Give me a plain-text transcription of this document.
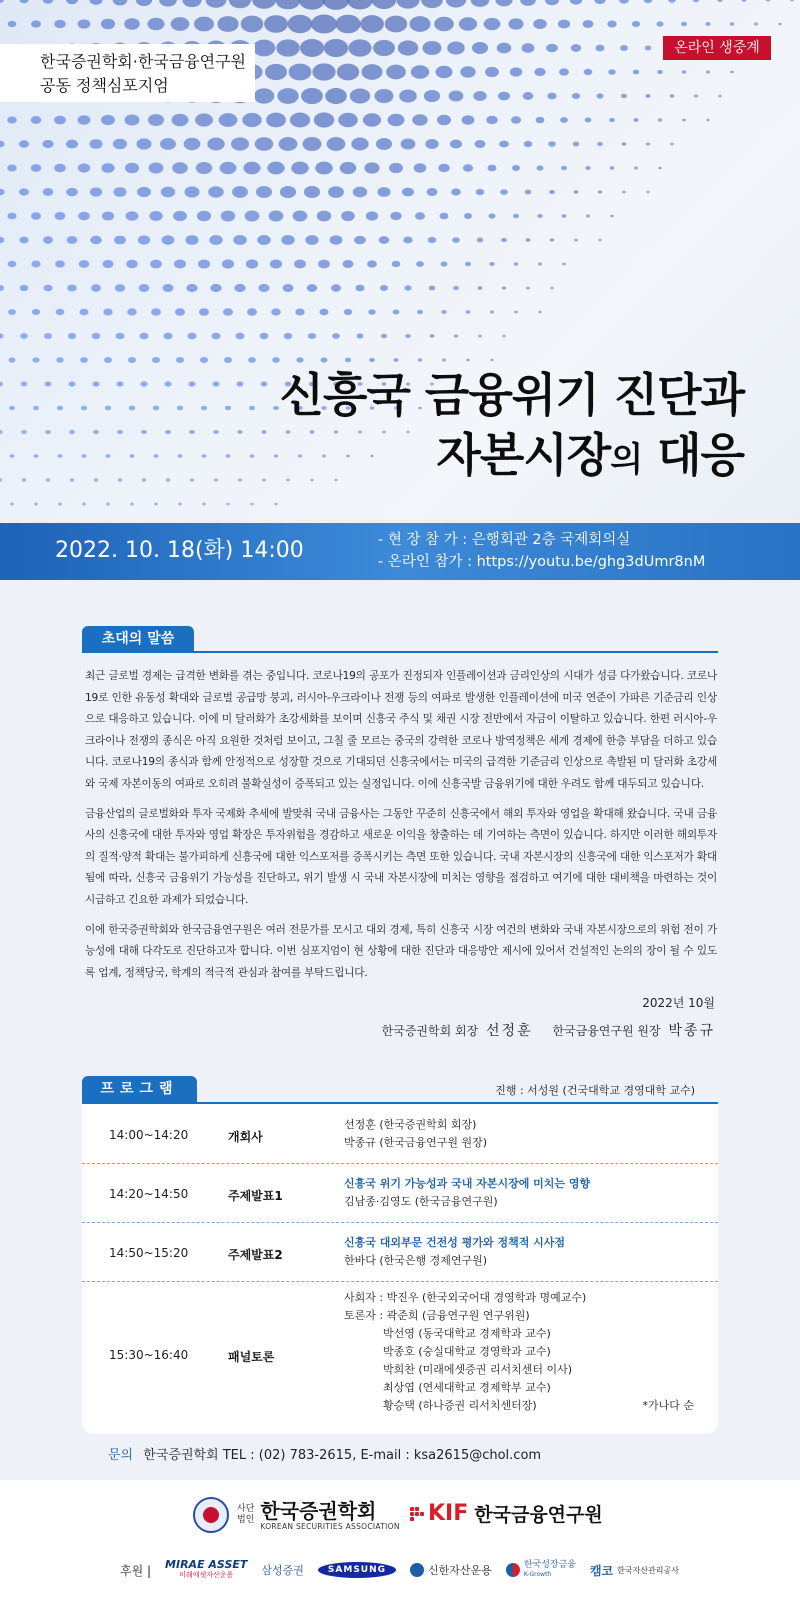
한국증권학회·한국금융연구원
공동 정책심포지엄
온라인 생중계
신흥국 금융위기 진단과
자본시장의 대응
2022. 10. 18(화) 14:00	- 현 장 참 가 : 은행회관 2층 국제회의실
- 온라인 참가 : https://youtu.be/ghg3dUmr8nM
초대의 말씀

최근 글로벌 경제는 급격한 변화를 겪는 중입니다. 코로나19의 공포가 진정되자 인플레이션과 금리인상의 시대가 성큼 다가왔습니다. 코로나19로 인한 유동성 확대와 글로벌 공급망 붕괴, 러시아-우크라이나 전쟁 등의 여파로 발생한 인플레이션에 미국 연준이 가파른 기준금리 인상으로 대응하고 있습니다. 이에 미 달러화가 초강세화를 보이며 신흥국 주식 및 채권 시장 전반에서 자금이 이탈하고 있습니다. 한편 러시아-우크라이나 전쟁의 종식은 아직 요원한 것처럼 보이고, 그칠 줄 모르는 중국의 강력한 코로나 방역정책은 세계 경제에 한층 부담을 더하고 있습니다. 코로나19의 종식과 함께 안정적으로 성장할 것으로 기대되던 신흥국에서는 미국의 급격한 기준금리 인상으로 촉발된 미 달러화 초강세와 국제 자본이동의 여파로 오히려 불확실성이 증폭되고 있는 실정입니다. 이에 신흥국발 금융위기에 대한 우려도 함께 대두되고 있습니다.

금융산업의 글로벌화와 투자 국제화 추세에 발맞춰 국내 금융사는 그동안 꾸준히 신흥국에서 해외 투자와 영업을 확대해 왔습니다. 국내 금융사의 신흥국에 대한 투자와 영업 확장은 투자위험을 경감하고 새로운 이익을 창출하는 데 기여하는 측면이 있습니다. 하지만 이러한 해외투자의 질적·양적 확대는 불가피하게 신흥국에 대한 익스포저를 증폭시키는 측면 또한 있습니다. 국내 자본시장의 신흥국에 대한 익스포저가 확대됨에 따라, 신흥국 금융위기 가능성을 진단하고, 위기 발생 시 국내 자본시장에 미치는 영향을 점검하고 여기에 대한 대비책을 마련하는 것이 시급하고 긴요한 과제가 되었습니다.

이에 한국증권학회와 한국금융연구원은 여러 전문가를 모시고 대외 경제, 특히 신흥국 시장 여건의 변화와 국내 자본시장으로의 위험 전이 가능성에 대해 다각도로 진단하고자 합니다. 이번 심포지엄이 현 상황에 대한 진단과 대응방안 제시에 있어서 건설적인 논의의 장이 될 수 있도록 업계, 정책당국, 학계의 적극적 관심과 참여를 부탁드립니다.

2022년 10월
한국증권학회 회장 선정훈 한국금융연구원 원장 박종규
프로그램	진행 : 서성원 (건국대학교 경영대학 교수)
14:00~14:20	개회사
선정훈 (한국증권학회 회장)
박종규 (한국금융연구원 원장)
14:20~14:50	주제발표1
신흥국 위기 가능성과 국내 자본시장에 미치는 영향
김남종·김영도 (한국금융연구원)
14:50~15:20	주제발표2
신흥국 대외부문 건전성 평가와 정책적 시사점
한바다 (한국은행 경제연구원)
15:30~16:40	패널토론
사회자 : 박진우 (한국외국어대 경영학과 명예교수)
토론자 : 곽준희 (금융연구원 연구위원)
박선영 (동국대학교 경제학과 교수)
박종호 (숭실대학교 경영학과 교수)
박희찬 (미래에셋증권 리서치센터 이사)
최상엽 (연세대학교 경제학부 교수)
황승택 (하나증권 리서치센터장)	*가나다 순
문의 한국증권학회 TEL : (02) 783-2615, E-mail : ksa2615@chol.com
사단
법인 한국증권학회
KOREAN SECURITIES ASSOCIATION KIF 한국금융연구원
후원 | MIRAE ASSET
미래에셋자산운용	삼성증권	SAMSUNG	신한자산운용	한국성장금융
K-Growth	캠코 한국자산관리공사
